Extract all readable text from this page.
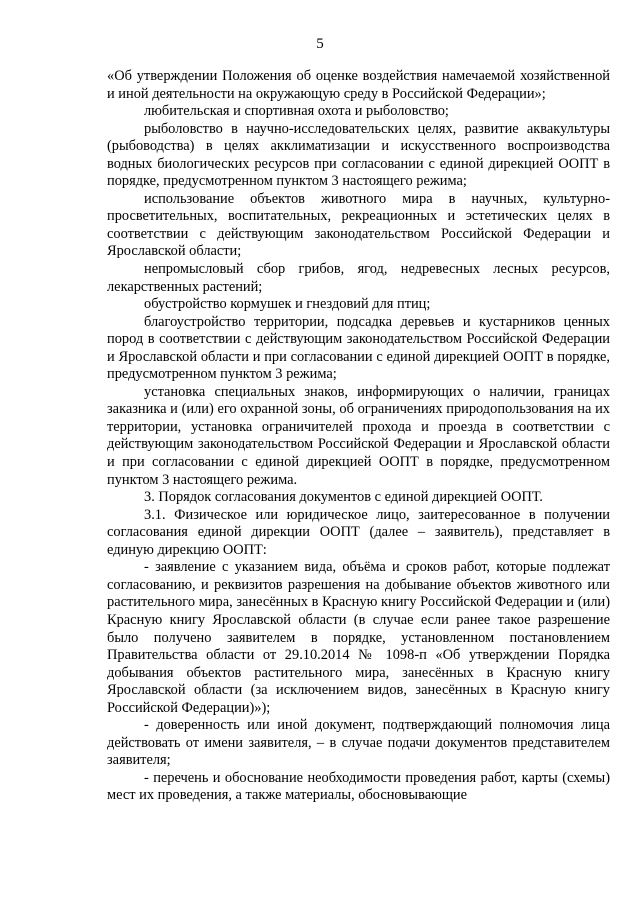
5

«Об утверждении Положения об оценке воздействия намечаемой хозяйственной и иной деятельности на окружающую среду в Российской Федерации»;

любительская и спортивная охота и рыболовство;

рыболовство в научно-исследовательских целях, развитие аквакультуры (рыбоводства) в целях акклиматизации и искусственного воспроизводства водных биологических ресурсов при согласовании с единой дирекцией ООПТ в порядке, предусмотренном пунктом 3 настоящего режима;

использование объектов животного мира в научных, культурно-просветительных, воспитательных, рекреационных и эстетических целях в соответствии с действующим законодательством Российской Федерации и Ярославской области;

непромысловый сбор грибов, ягод, недревесных лесных ресурсов, лекарственных растений;

обустройство кормушек и гнездовий для птиц;

благоустройство территории, подсадка деревьев и кустарников ценных пород в соответствии с действующим законодательством Российской Федерации и Ярославской области и при согласовании с единой дирекцией ООПТ в порядке, предусмотренном пунктом 3 режима;

установка специальных знаков, информирующих о наличии, границах заказника и (или) его охранной зоны, об ограничениях природопользования на их территории, установка ограничителей прохода и проезда в соответствии с действующим законодательством Российской Федерации и Ярославской области и при согласовании с единой дирекцией ООПТ в порядке, предусмотренном пунктом 3 настоящего режима.

3. Порядок согласования документов с единой дирекцией ООПТ.

3.1. Физическое или юридическое лицо, заитересованное в получении согласования единой дирекции ООПТ (далее – заявитель), представляет в единую дирекцию ООПТ:

- заявление с указанием вида, объёма и сроков работ, которые подлежат согласованию, и реквизитов разрешения на добывание объектов животного или растительного мира, занесённых в Красную книгу Российской Федерации и (или) Красную книгу Ярославской области (в случае если ранее такое разрешение было получено заявителем в порядке, установленном постановлением Правительства области от 29.10.2014 № 1098-п «Об утверждении Порядка добывания объектов растительного мира, занесённых в Красную книгу Ярославской области (за исключением видов, занесённых в Красную книгу Российской Федерации)»);

- доверенность или иной документ, подтверждающий полномочия лица действовать от имени заявителя, – в случае подачи документов представителем заявителя;

- перечень и обоснование необходимости проведения работ, карты (схемы) мест их проведения, а также материалы, обосновывающие
